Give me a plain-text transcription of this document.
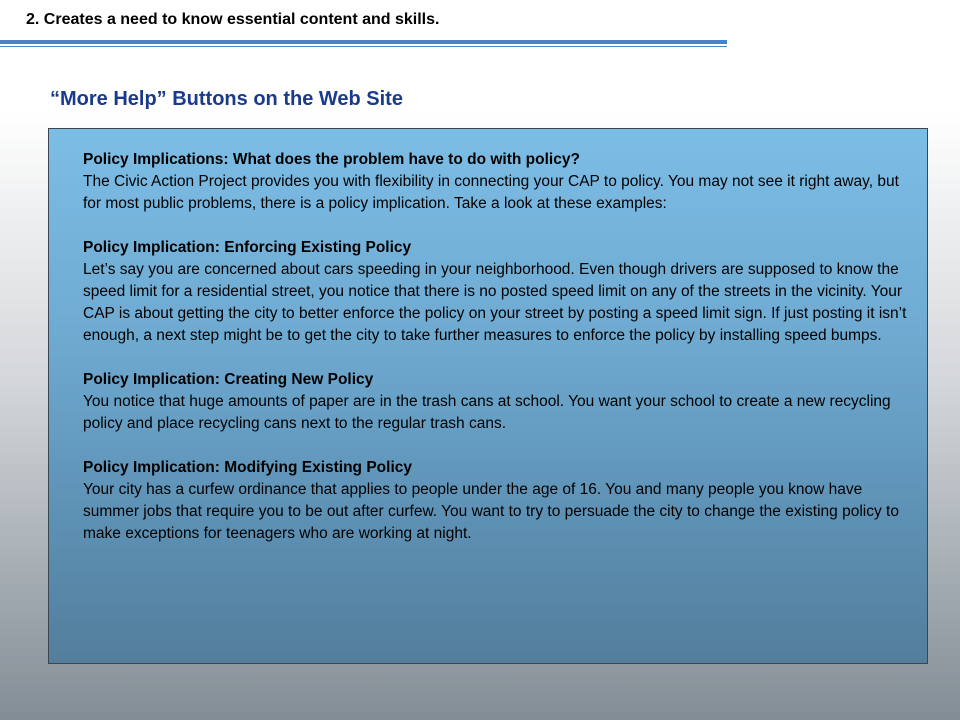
2. Creates a need to know essential content and skills.
“More Help” Buttons on the Web Site
Policy Implications: What does the problem have to do with policy?
The Civic Action Project provides you with flexibility in connecting your CAP to policy. You may not see it right away, but for most public problems, there is a policy implication. Take a look at these examples:
Policy Implication: Enforcing Existing Policy
Let’s say you are concerned about cars speeding in your neighborhood. Even though drivers are supposed to know the speed limit for a residential street, you notice that there is no posted speed limit on any of the streets in the vicinity. Your CAP is about getting the city to better enforce the policy on your street by posting a speed limit sign. If just posting it isn’t enough, a next step might be to get the city to take further measures to enforce the policy by installing speed bumps.
Policy Implication: Creating New Policy
You notice that huge amounts of paper are in the trash cans at school. You want your school to create a new recycling policy and place recycling cans next to the regular trash cans.
Policy Implication: Modifying Existing Policy
Your city has a curfew ordinance that applies to people under the age of 16. You and many people you know have summer jobs that require you to be out after curfew. You want to try to persuade the city to change the existing policy to make exceptions for teenagers who are working at night.
